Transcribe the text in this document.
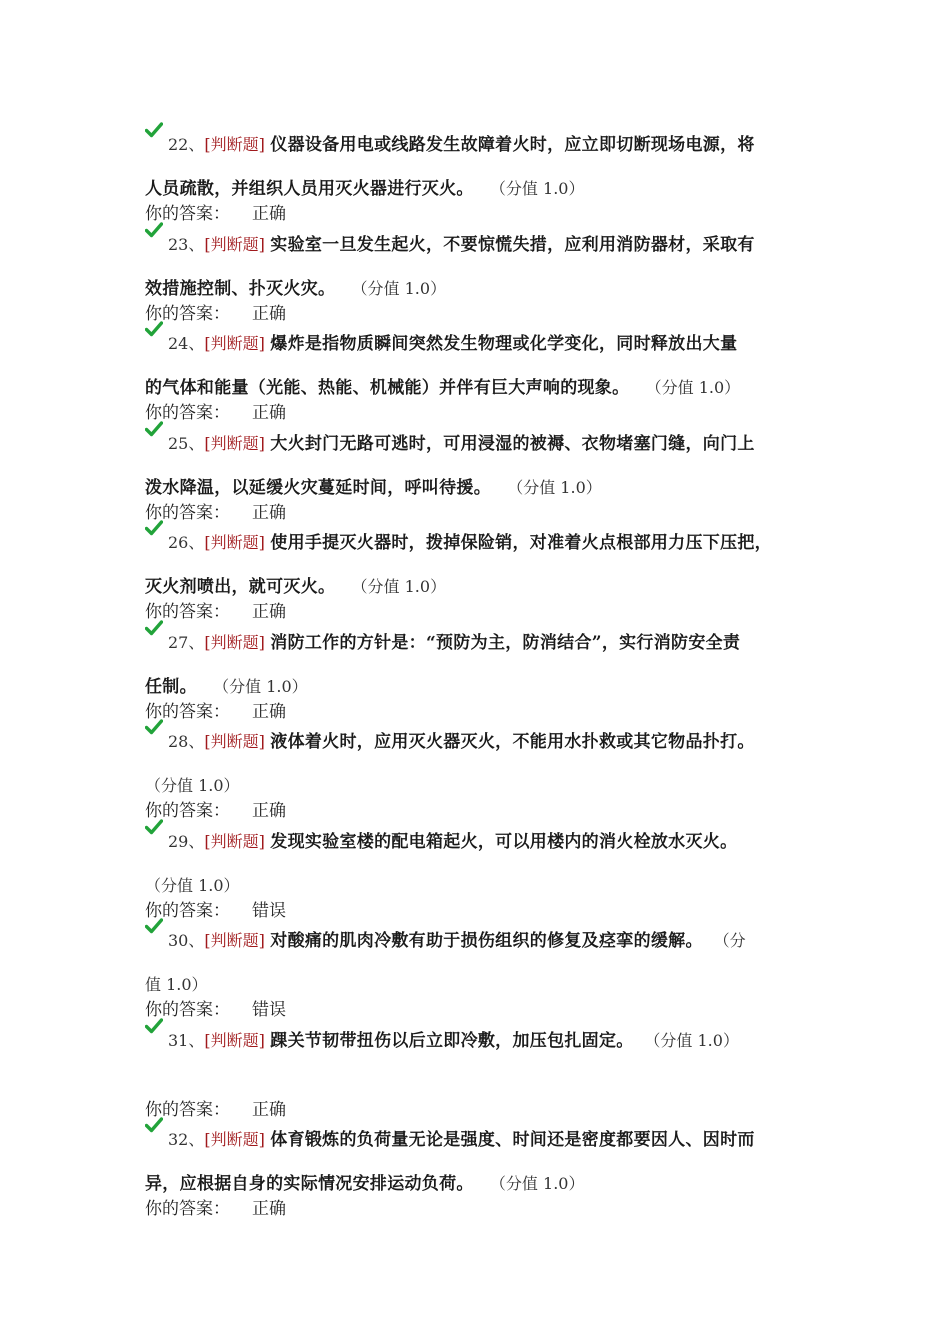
22、[判断题] 仪器设备用电或线路发生故障着火时，应立即切断现场电源，将
人员疏散，并组织人员用灭火器进行灭火。 （分值 1.0）
你的答案： 正确
23、[判断题] 实验室一旦发生起火，不要惊慌失措，应利用消防器材，采取有
效措施控制、扑灭火灾。 （分值 1.0）
你的答案： 正确
24、[判断题] 爆炸是指物质瞬间突然发生物理或化学变化，同时释放出大量
的气体和能量（光能、热能、机械能）并伴有巨大声响的现象。 （分值 1.0）
你的答案： 正确
25、[判断题] 大火封门无路可逃时，可用浸湿的被褥、衣物堵塞门缝，向门上
泼水降温，以延缓火灾蔓延时间，呼叫待援。 （分值 1.0）
你的答案： 正确
26、[判断题] 使用手提灭火器时，拨掉保险销，对准着火点根部用力压下压把，
灭火剂喷出，就可灭火。 （分值 1.0）
你的答案： 正确
27、[判断题] 消防工作的方针是：“预防为主，防消结合”，实行消防安全责
任制。 （分值 1.0）
你的答案： 正确
28、[判断题] 液体着火时，应用灭火器灭火，不能用水扑救或其它物品扑打。
（分值 1.0）
你的答案： 正确
29、[判断题] 发现实验室楼的配电箱起火，可以用楼内的消火栓放水灭火。
（分值 1.0）
你的答案： 错误
30、[判断题] 对酸痛的肌肉冷敷有助于损伤组织的修复及痉挛的缓解。 （分
值 1.0）
你的答案： 错误
31、[判断题] 踝关节韧带扭伤以后立即冷敷，加压包扎固定。 （分值 1.0）
你的答案： 正确
32、[判断题] 体育锻炼的负荷量无论是强度、时间还是密度都要因人、因时而
异，应根据自身的实际情况安排运动负荷。 （分值 1.0）
你的答案： 正确
